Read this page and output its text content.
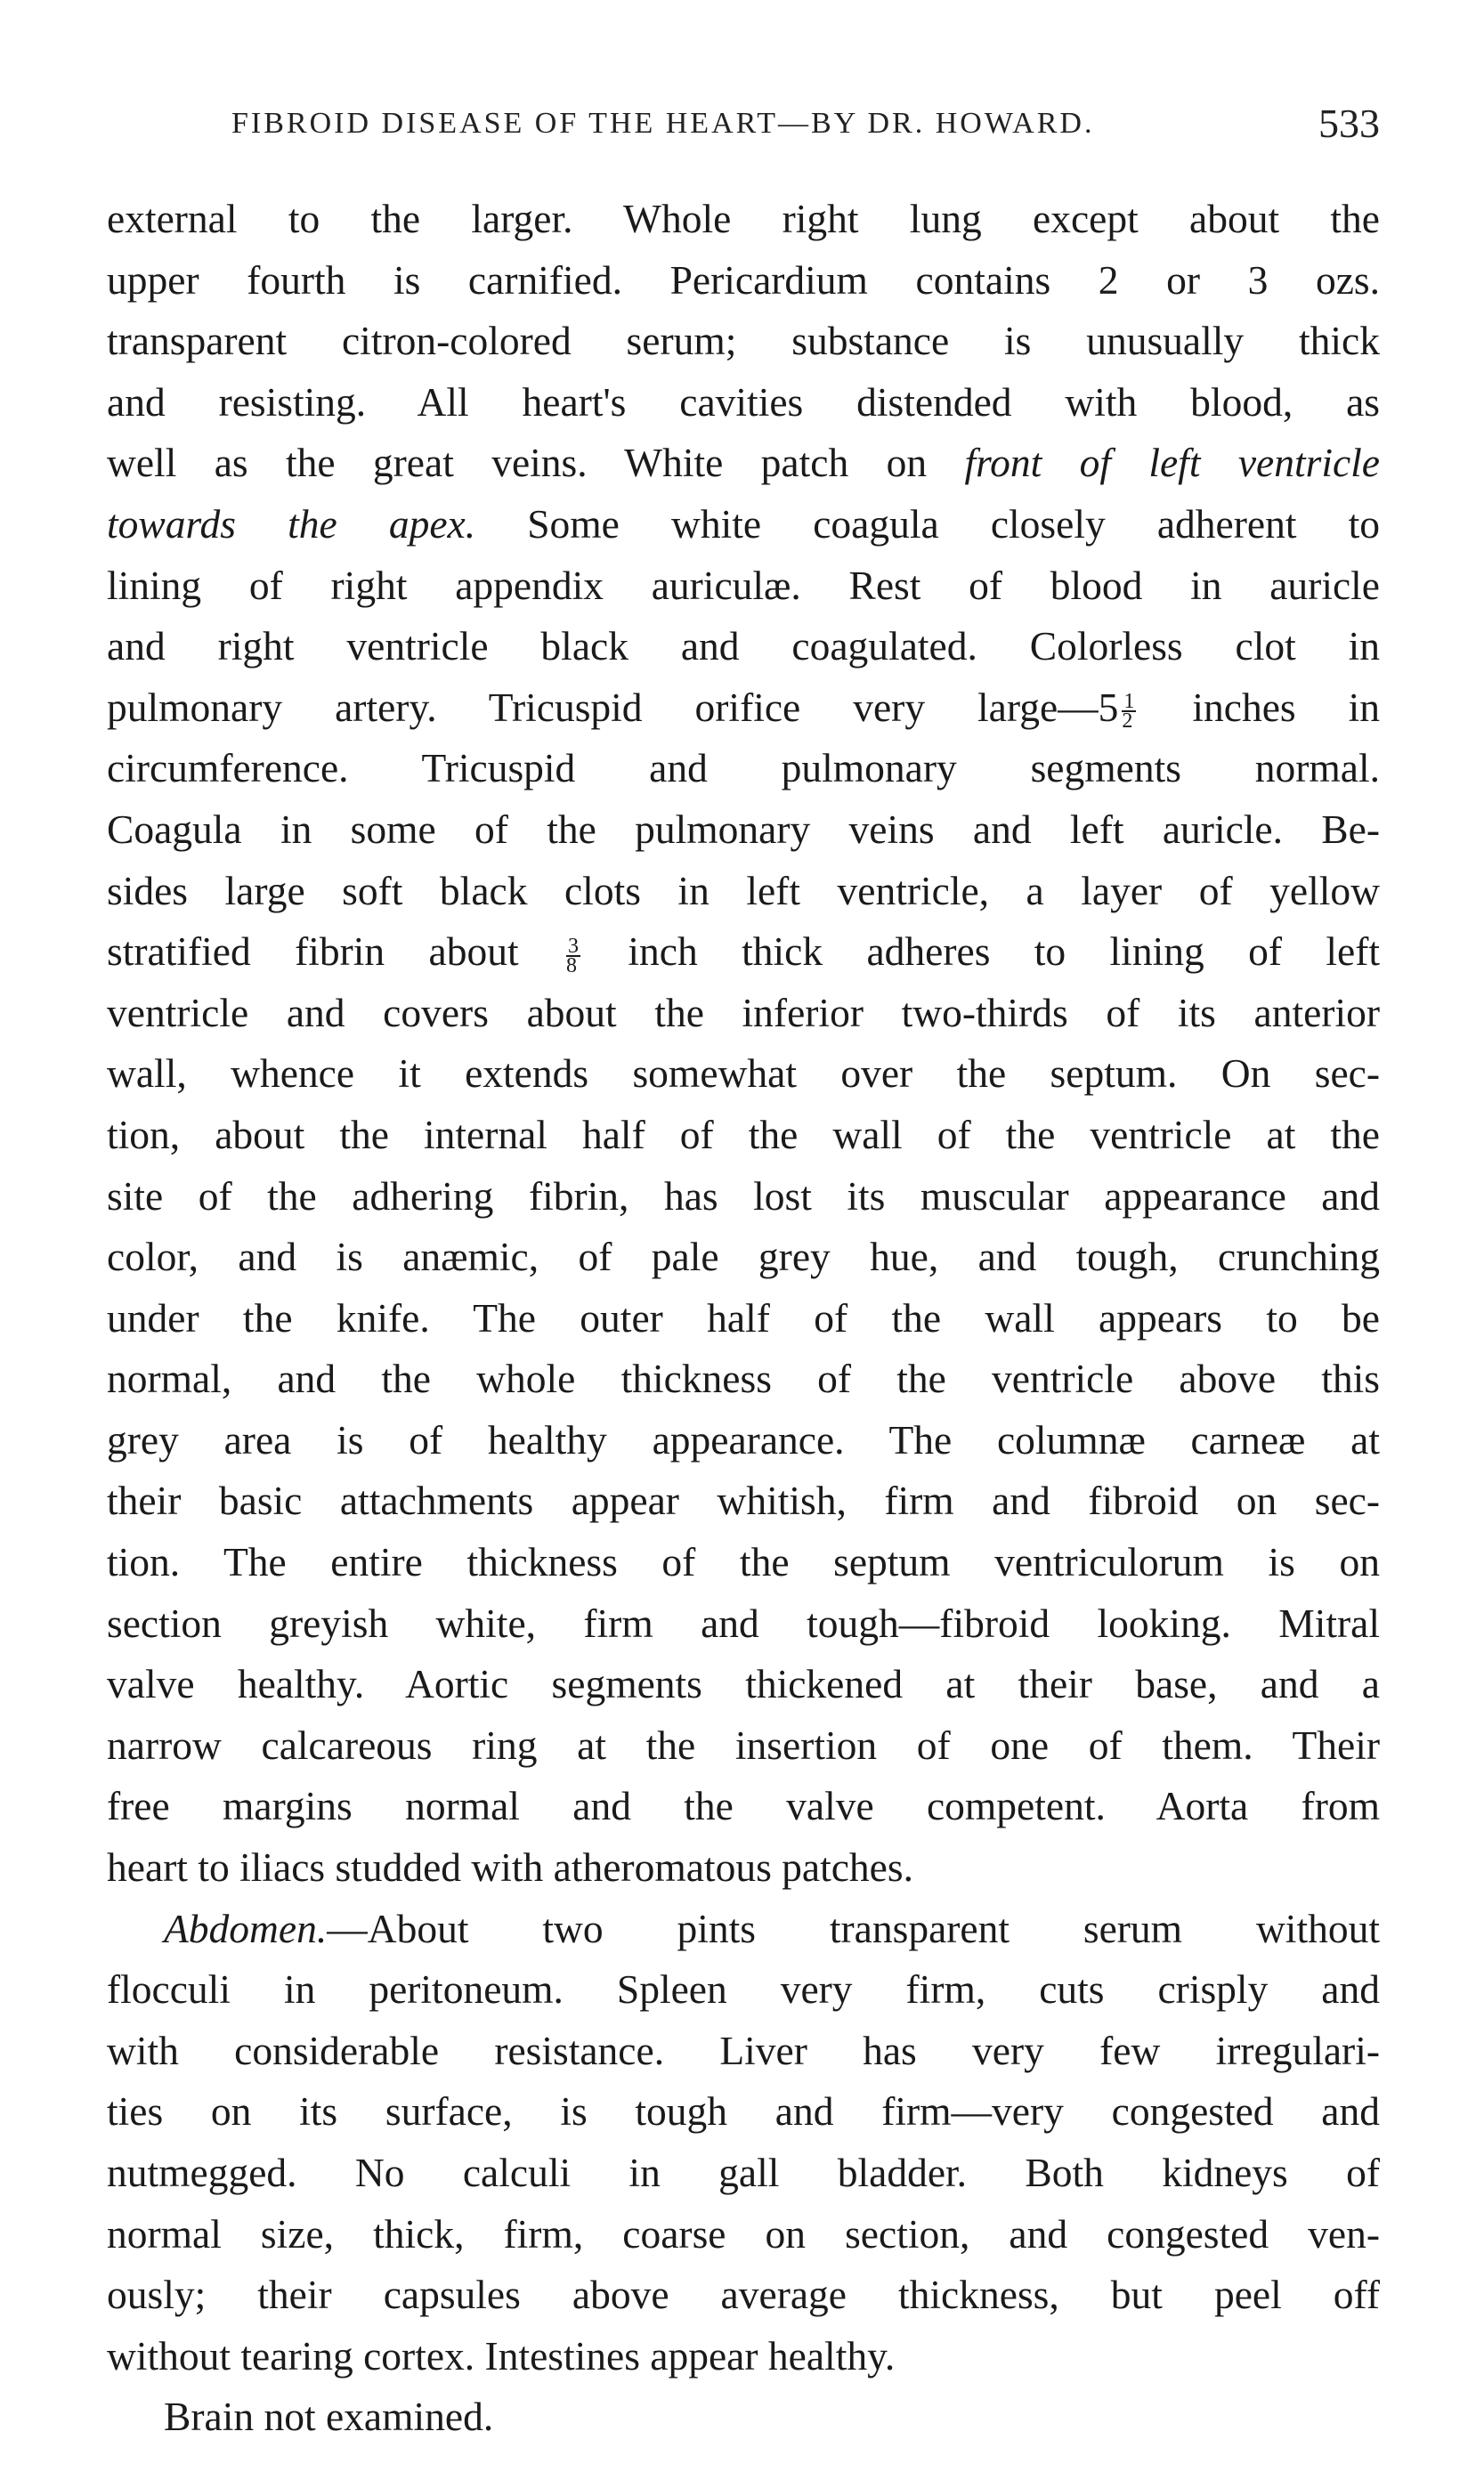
FIBROID DISEASE OF THE HEART—BY DR. HOWARD.	533

external to the larger. Whole right lung except about the
upper fourth is carnified. Pericardium contains 2 or 3 ozs.
transparent citron-colored serum; substance is unusually thick
and resisting. All heart's cavities distended with blood, as
well as the great veins. White patch on front of left ventricle
towards the apex. Some white coagula closely adherent to
lining of right appendix auriculæ. Rest of blood in auricle
and right ventricle black and coagulated. Colorless clot in
pulmonary artery. Tricuspid orifice very large—5 $\frac{1}{2}$ inches in
circumference. Tricuspid and pulmonary segments normal.
Coagula in some of the pulmonary veins and left auricle. Be-
sides large soft black clots in left ventricle, a layer of yellow
stratified fibrin about $\frac{3}{8}$ inch thick adheres to lining of left
ventricle and covers about the inferior two-thirds of its anterior
wall, whence it extends somewhat over the septum. On sec-
tion, about the internal half of the wall of the ventricle at the
site of the adhering fibrin, has lost its muscular appearance and
color, and is anæmic, of pale grey hue, and tough, crunching
under the knife. The outer half of the wall appears to be
normal, and the whole thickness of the ventricle above this
grey area is of healthy appearance. The columnæ carneæ at
their basic attachments appear whitish, firm and fibroid on sec-
tion. The entire thickness of the septum ventriculorum is on
section greyish white, firm and tough—fibroid looking. Mitral
valve healthy. Aortic segments thickened at their base, and a
narrow calcareous ring at the insertion of one of them. Their
free margins normal and the valve competent. Aorta from
heart to iliacs studded with atheromatous patches.

Abdomen.—About two pints transparent serum without
flocculi in peritoneum. Spleen very firm, cuts crisply and
with considerable resistance. Liver has very few irregulari-
ties on its surface, is tough and firm—very congested and
nutmegged. No calculi in gall bladder. Both kidneys of
normal size, thick, firm, coarse on section, and congested ven-
ously; their capsules above average thickness, but peel off
without tearing cortex. Intestines appear healthy.

Brain not examined.
